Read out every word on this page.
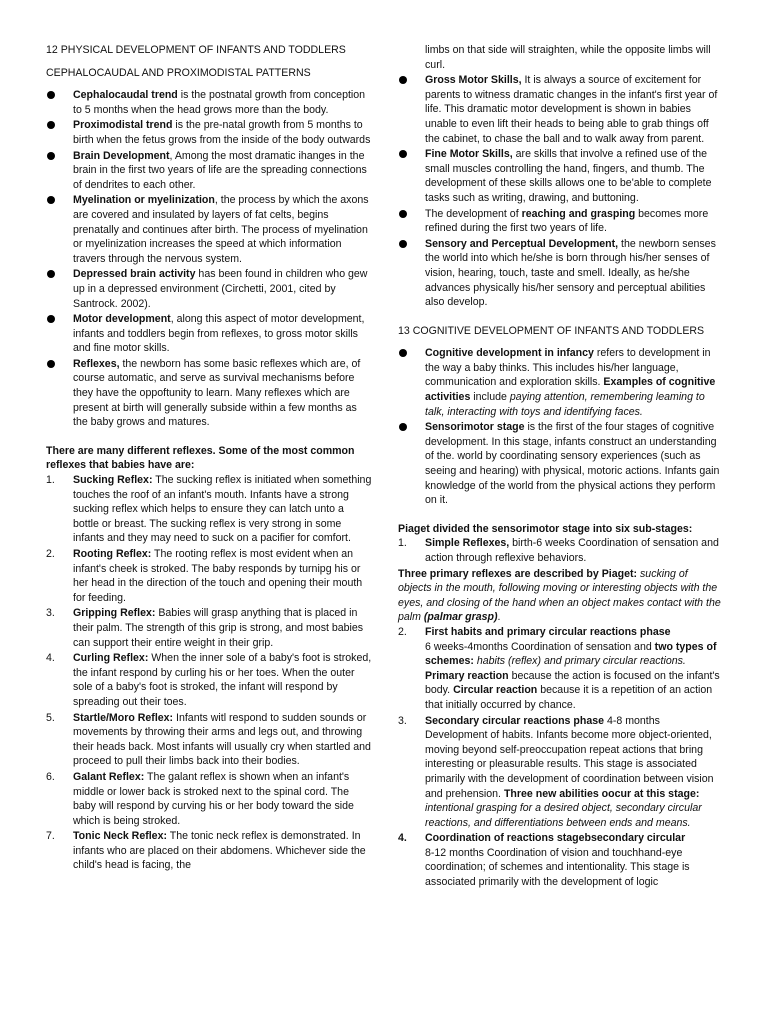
12 PHYSICAL DEVELOPMENT OF INFANTS AND TODDLERS
CEPHALOCAUDAL AND PROXIMODISTAL PATTERNS
Cephalocaudal trend is the postnatal growth from conception to 5 months when the head grows more than the body.
Proximodistal trend is the pre-natal growth from 5 months to birth when the fetus grows from the inside of the body outwards
Brain Development, Among the most dramatic ihanges in the brain in the first two years of life are the spreading connections of dendrites to each other.
Myelination or myelinization, the process by which the axons are covered and insulated by layers of fat celts, begins prenatally and continues after birth. The process of myelination or myelinization increases the speed at which information travers through the nervous system.
Depressed brain activity has been found in children who gew up in a depressed environment (Circhetti, 2001, cited by Santrock. 2002).
Motor development, along this aspect of motor development, infants and toddlers begin from reflexes, to gross motor skills and fine motor skills.
Reflexes, the newborn has some basic reflexes which are, of course automatic, and serve as survival mechanisms before they have the oppoftunity to learn. Many reflexes which are present at birth will generally subside within a few months as the baby grows and matures.
There are many different reflexes. Some of the most common reflexes that babies have are:
1. Sucking Reflex: The sucking reflex is initiated when something touches the roof of an infant's mouth. Infants have a strong sucking reflex which helps to ensure they can latch unto a bottle or breast. The sucking reflex is very strong in some infants and they may need to suck on a pacifier for comfort.
2. Rooting Reflex: The rooting reflex is most evident when an infant's cheek is stroked. The baby responds by turnipg his or her head in the direction of the touch and opening their mouth for feeding.
3. Gripping Reflex: Babies will grasp anything that is placed in their palm. The strength of this grip is strong, and most babies can support their entire weight in their grip.
4. Curling Reflex: When the inner sole of a baby's foot is stroked, the infant respond by curling his or her toes. When the outer sole of a baby's foot is stroked, the infant will respond by spreading out their toes.
5. Startle/Moro Reflex: Infants witl respond to sudden sounds or movements by throwing their arms and legs out, and throwing their heads back. Most infants will usually cry when startled and proceed to pull their limbs back into their bodies.
6. Galant Reflex: The galant reflex is shown when an infant's middle or lower back is stroked next to the spinal cord. The baby will respond by curving his or her body toward the side which is being stroked.
7. Tonic Neck Reflex: The tonic neck reflex is demonstrated. In infants who are placed on their abdomens. Whichever side the child's head is facing, the
limbs on that side will straighten, while the opposite limbs will curl.
Gross Motor Skills, It is always a source of excitement for parents to witness dramatic changes in the infant's first year of life. This dramatic motor development is shown in babies unable to even lift their heads to being able to grab things off the cabinet, to chase the ball and to walk away from parent.
Fine Motor Skills, are skills that involve a refined use of the small muscles controlling the hand, fingers, and thumb. The development of these skills allows one to be'able to complete tasks such as writing, drawing, and buttoning.
The development of reaching and grasping becomes more refined during the first two years of life.
Sensory and Perceptual Development, the newborn senses the world into which he/she is born through his/her senses of vision, hearing, touch, taste and smell. Ideally, as he/she advances physically his/her sensory and perceptual abilities also develop.
13 COGNITIVE DEVELOPMENT OF INFANTS AND TODDLERS
Cognitive development in infancy refers to development in the way a baby thinks. This includes his/her language, communication and exploration skills. Examples of cognitive activities include paying attention, remembering leaming to talk, interacting with toys and identifying faces.
Sensorimotor stage is the first of the four stages of cognitive development. In this stage, infants construct an understanding of the. world by coordinating sensory experiences (such as seeing and hearing) with physical, motoric actions. Infants gain knowledge of the world from the physical actions they perform on it.
Piaget divided the sensorimotor stage into six sub-stages:
1. Simple Reflexes, birth-6 weeks Coordination of sensation and action through reflexive behaviors.
Three primary reflexes are described by Piaget: sucking of objects in the mouth, following moving or interesting objects with the eyes, and closing of the hand when an object makes contact with the palm (palmar grasp).
2. First habits and primary circular reactions phase
6 weeks-4months Coordination of sensation and two types of schemes: habits (reflex) and primary circular reactions. Primary reaction because the action is focused on the infant's body. Circular reaction because it is a repetition of an action that initially occurred by chance.
3. Secondary circular reactions phase 4-8 months Development of habits. Infants become more object-oriented, moving beyond self-preoccupation repeat actions that bring interesting or pleasurable results. This stage is associated primarily with the development of coordination between vision and prehension. Three new abilities oocur at this stage: intentional grasping for a desired object, secondary circular reactions, and differentiations between ends and means.
4. Coordination of reactions stagebsecondary circular
8-12 months Coordination of vision and touchhand-eye coordination; of schemes and intentionality. This stage is associated primarily with the development of logic
